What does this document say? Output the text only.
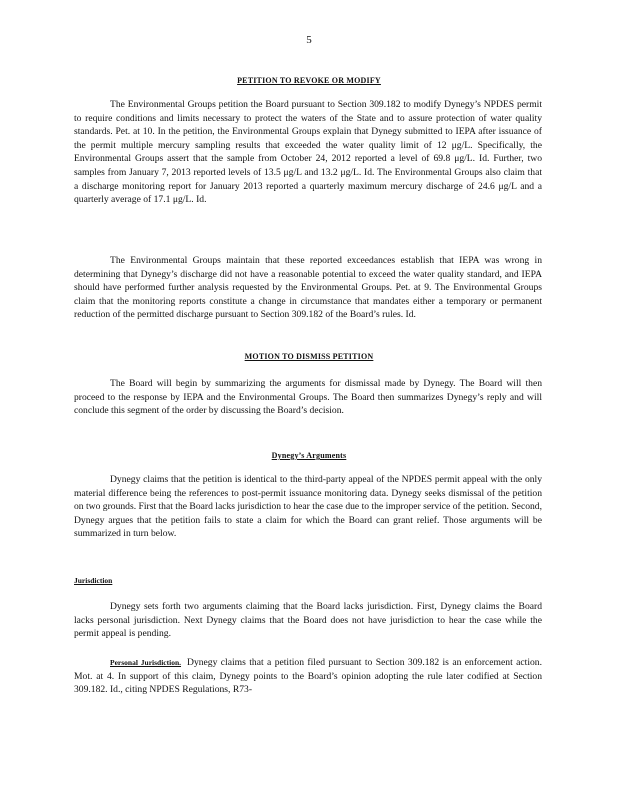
5
PETITION TO REVOKE OR MODIFY

The Environmental Groups petition the Board pursuant to Section 309.182 to modify Dynegy’s NPDES permit to require conditions and limits necessary to protect the waters of the State and to assure protection of water quality standards. Pet. at 10. In the petition, the Environmental Groups explain that Dynegy submitted to IEPA after issuance of the permit multiple mercury sampling results that exceeded the water quality limit of 12 μg/L. Specifically, the Environmental Groups assert that the sample from October 24, 2012 reported a level of 69.8 μg/L. Id. Further, two samples from January 7, 2013 reported levels of 13.5 μg/L and 13.2 μg/L. Id. The Environmental Groups also claim that a discharge monitoring report for January 2013 reported a quarterly maximum mercury discharge of 24.6 μg/L and a quarterly average of 17.1 μg/L. Id.

The Environmental Groups maintain that these reported exceedances establish that IEPA was wrong in determining that Dynegy’s discharge did not have a reasonable potential to exceed the water quality standard, and IEPA should have performed further analysis requested by the Environmental Groups. Pet. at 9. The Environmental Groups claim that the monitoring reports constitute a change in circumstance that mandates either a temporary or permanent reduction of the permitted discharge pursuant to Section 309.182 of the Board’s rules. Id.

MOTION TO DISMISS PETITION

The Board will begin by summarizing the arguments for dismissal made by Dynegy. The Board will then proceed to the response by IEPA and the Environmental Groups. The Board then summarizes Dynegy’s reply and will conclude this segment of the order by discussing the Board’s decision.

Dynegy’s Arguments

Dynegy claims that the petition is identical to the third-party appeal of the NPDES permit appeal with the only material difference being the references to post-permit issuance monitoring data. Dynegy seeks dismissal of the petition on two grounds. First that the Board lacks jurisdiction to hear the case due to the improper service of the petition. Second, Dynegy argues that the petition fails to state a claim for which the Board can grant relief. Those arguments will be summarized in turn below.

Jurisdiction

Dynegy sets forth two arguments claiming that the Board lacks jurisdiction. First, Dynegy claims the Board lacks personal jurisdiction. Next Dynegy claims that the Board does not have jurisdiction to hear the case while the permit appeal is pending.

Personal Jurisdiction. Dynegy claims that a petition filed pursuant to Section 309.182 is an enforcement action. Mot. at 4. In support of this claim, Dynegy points to the Board’s opinion adopting the rule later codified at Section 309.182. Id., citing NPDES Regulations, R73-
